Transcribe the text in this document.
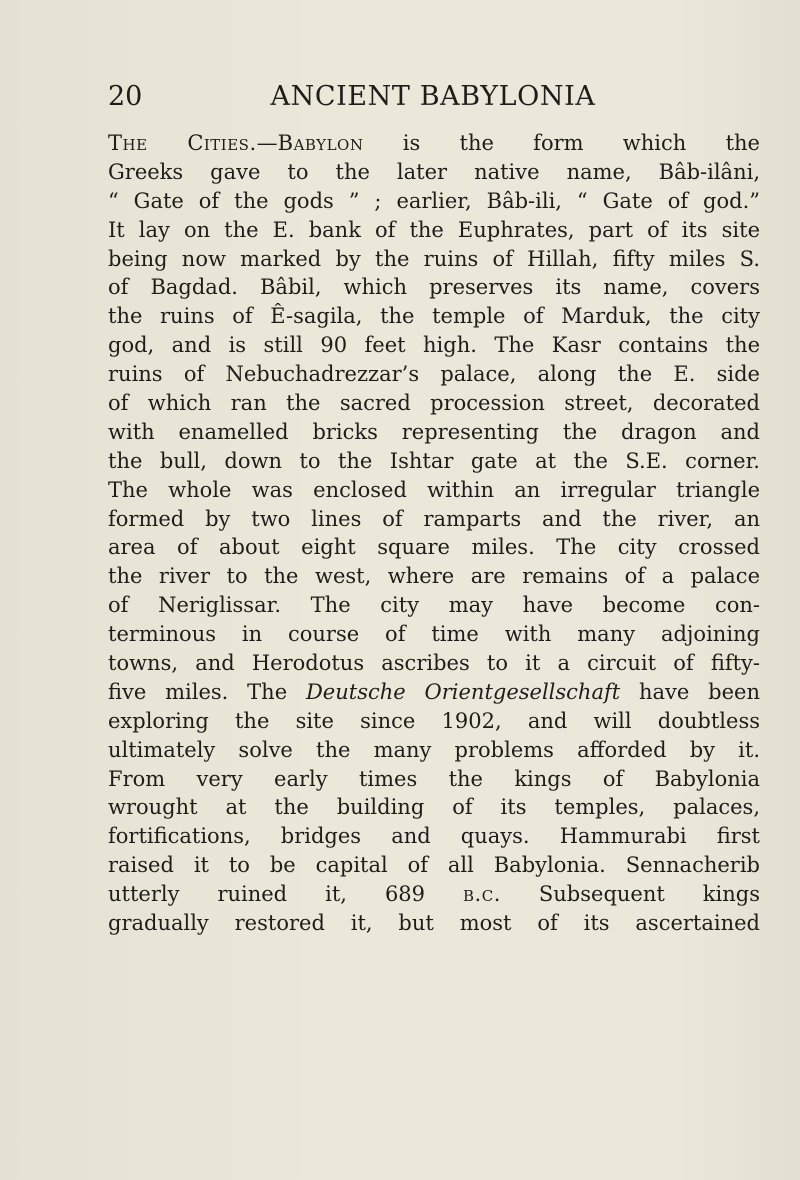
20	ANCIENT BABYLONIA
The Cities.—Babylon is the form which the
Greeks gave to the later native name, Bâb-ilâni,
“ Gate of the gods ” ; earlier, Bâb-ili, “ Gate of god.”
It lay on the E. bank of the Euphrates, part of its site
being now marked by the ruins of Hillah, fifty miles S.
of Bagdad. Bâbil, which preserves its name, covers
the ruins of Ê-sagila, the temple of Marduk, the city
god, and is still 90 feet high. The Kasr contains the
ruins of Nebuchadrezzar’s palace, along the E. side
of which ran the sacred procession street, decorated
with enamelled bricks representing the dragon and
the bull, down to the Ishtar gate at the S.E. corner.
The whole was enclosed within an irregular triangle
formed by two lines of ramparts and the river, an
area of about eight square miles. The city crossed
the river to the west, where are remains of a palace
of Neriglissar. The city may have become con-
terminous in course of time with many adjoining
towns, and Herodotus ascribes to it a circuit of fifty-
five miles. The Deutsche Orientgesellschaft have been
exploring the site since 1902, and will doubtless
ultimately solve the many problems afforded by it.
From very early times the kings of Babylonia
wrought at the building of its temples, palaces,
fortifications, bridges and quays. Hammurabi first
raised it to be capital of all Babylonia. Sennacherib
utterly ruined it, 689 b.c. Subsequent kings
gradually restored it, but most of its ascertained
